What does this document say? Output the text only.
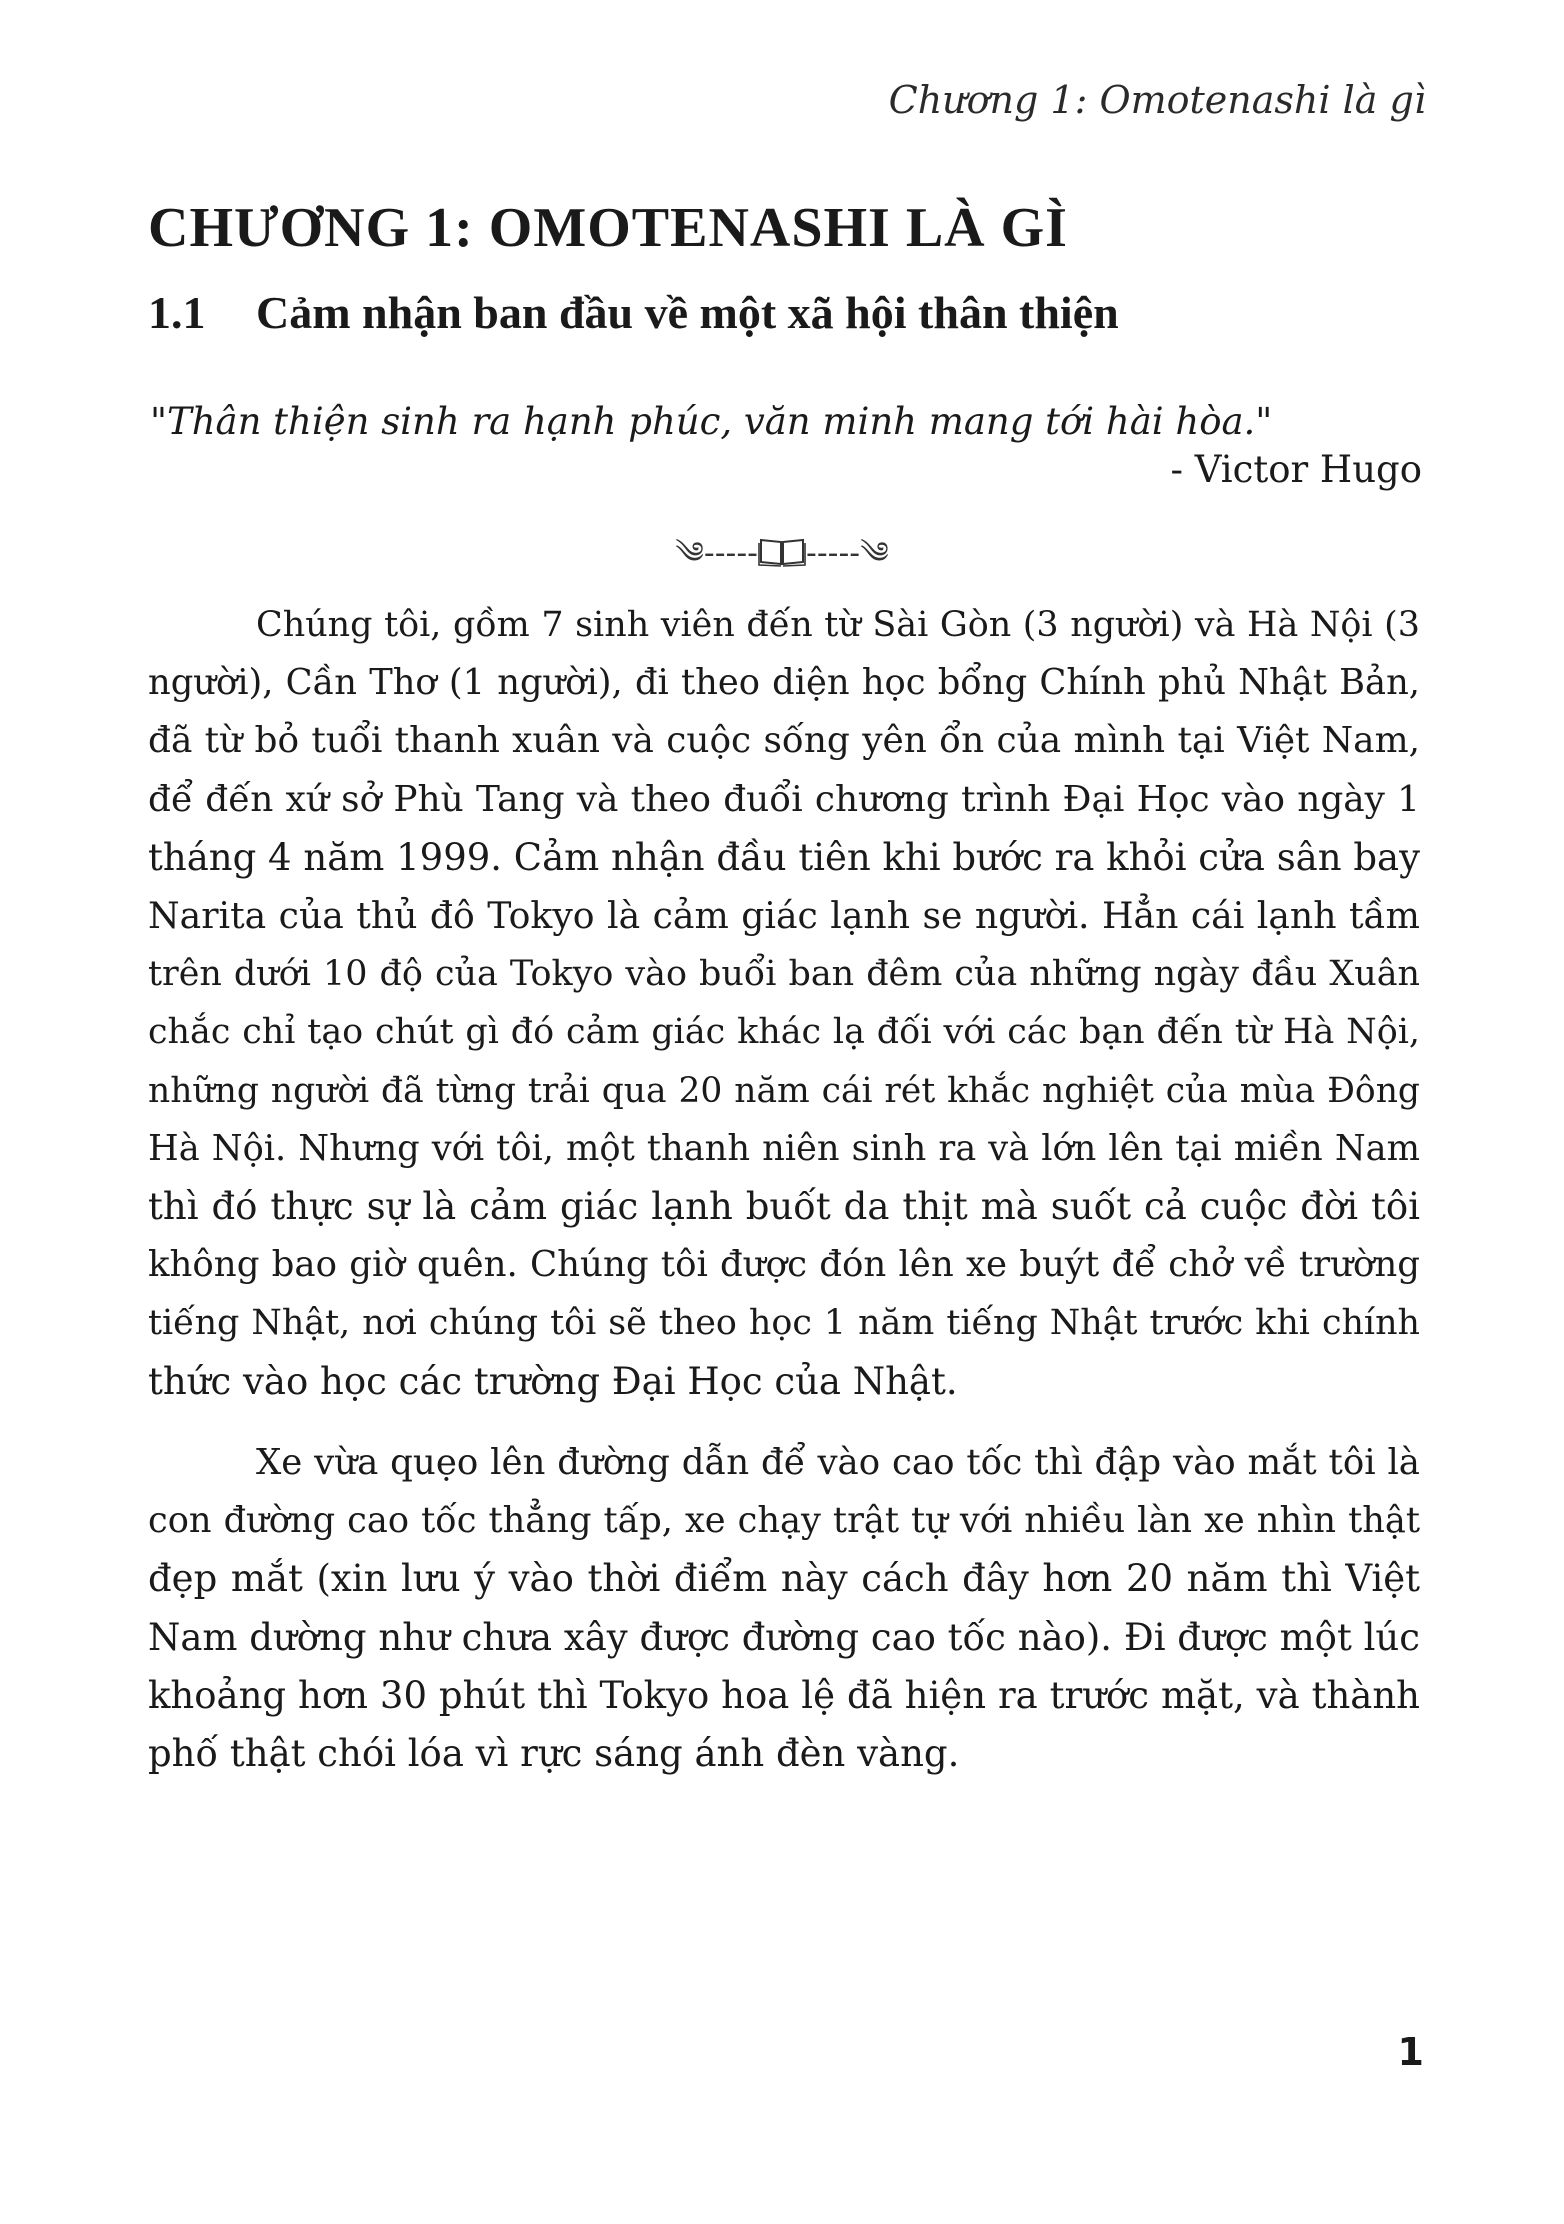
Chương 1: Omotenashi là gì
CHƯƠNG 1: OMOTENASHI LÀ GÌ
1.1 Cảm nhận ban đầu về một xã hội thân thiện
"Thân thiện sinh ra hạnh phúc, văn minh mang tới hài hòa."
- Victor Hugo
༄----- -----༄
Chúng tôi, gồm 7 sinh viên đến từ Sài Gòn (3 người) và Hà Nội (3
người), Cần Thơ (1 người), đi theo diện học bổng Chính phủ Nhật Bản,
đã từ bỏ tuổi thanh xuân và cuộc sống yên ổn của mình tại Việt Nam,
để đến xứ sở Phù Tang và theo đuổi chương trình Đại Học vào ngày 1
tháng 4 năm 1999. Cảm nhận đầu tiên khi bước ra khỏi cửa sân bay
Narita của thủ đô Tokyo là cảm giác lạnh se người. Hẳn cái lạnh tầm
trên dưới 10 độ của Tokyo vào buổi ban đêm của những ngày đầu Xuân
chắc chỉ tạo chút gì đó cảm giác khác lạ đối với các bạn đến từ Hà Nội,
những người đã từng trải qua 20 năm cái rét khắc nghiệt của mùa Đông
Hà Nội. Nhưng với tôi, một thanh niên sinh ra và lớn lên tại miền Nam
thì đó thực sự là cảm giác lạnh buốt da thịt mà suốt cả cuộc đời tôi
không bao giờ quên. Chúng tôi được đón lên xe buýt để chở về trường
tiếng Nhật, nơi chúng tôi sẽ theo học 1 năm tiếng Nhật trước khi chính
thức vào học các trường Đại Học của Nhật.
Xe vừa quẹo lên đường dẫn để vào cao tốc thì đập vào mắt tôi là
con đường cao tốc thẳng tấp, xe chạy trật tự với nhiều làn xe nhìn thật
đẹp mắt (xin lưu ý vào thời điểm này cách đây hơn 20 năm thì Việt
Nam dường như chưa xây được đường cao tốc nào). Đi được một lúc
khoảng hơn 30 phút thì Tokyo hoa lệ đã hiện ra trước mặt, và thành
phố thật chói lóa vì rực sáng ánh đèn vàng.
1
